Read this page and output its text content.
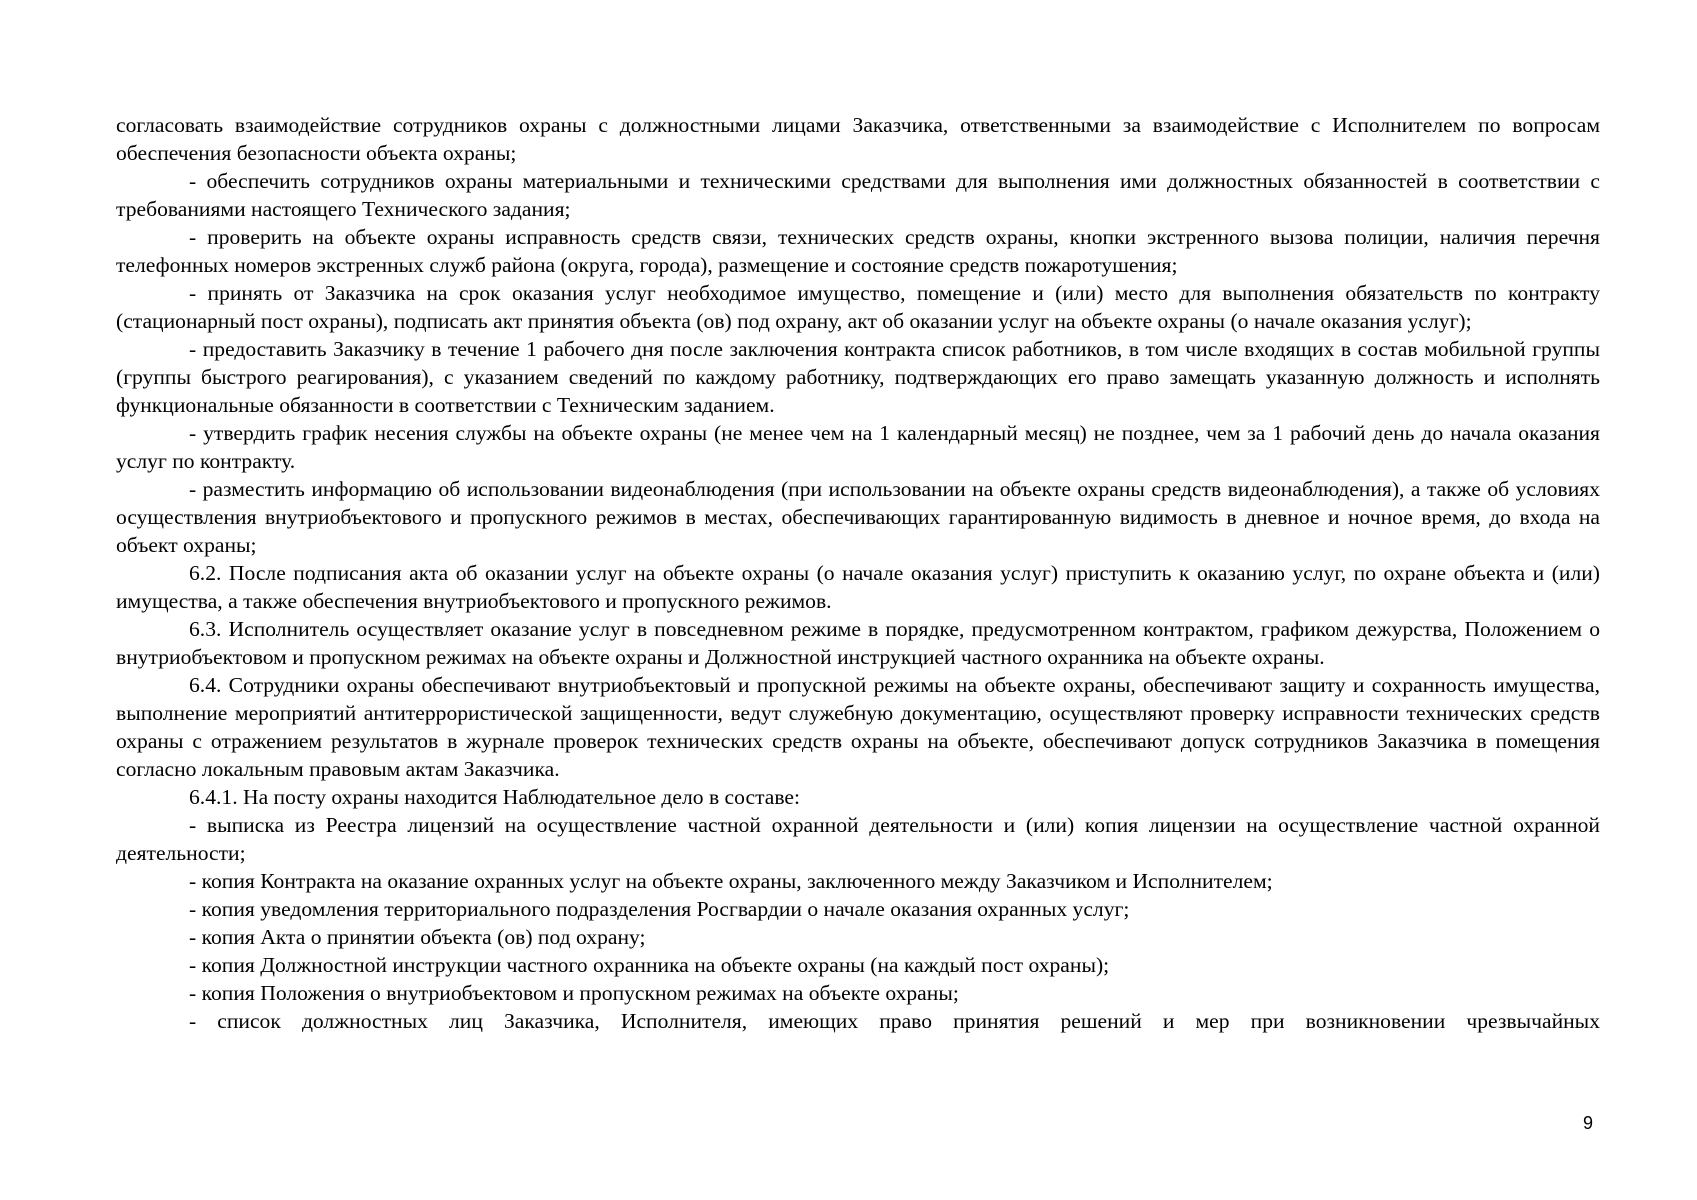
согласовать взаимодействие сотрудников охраны с должностными лицами Заказчика, ответственными за взаимодействие с Исполнителем по вопросам обеспечения безопасности объекта охраны;

- обеспечить сотрудников охраны материальными и техническими средствами для выполнения ими должностных обязанностей в соответствии с требованиями настоящего Технического задания;

- проверить на объекте охраны исправность средств связи, технических средств охраны, кнопки экстренного вызова полиции, наличия перечня телефонных номеров экстренных служб района (округа, города), размещение и состояние средств пожаротушения;

- принять от Заказчика на срок оказания услуг необходимое имущество, помещение и (или) место для выполнения обязательств по контракту (стационарный пост охраны), подписать акт принятия объекта (ов) под охрану, акт об оказании услуг на объекте охраны (о начале оказания услуг);

- предоставить Заказчику в течение 1 рабочего дня после заключения контракта список работников, в том числе входящих в состав мобильной группы (группы быстрого реагирования), с указанием сведений по каждому работнику, подтверждающих его право замещать указанную должность и исполнять функциональные обязанности в соответствии с Техническим заданием.

- утвердить график несения службы на объекте охраны (не менее чем на 1 календарный месяц) не позднее, чем за 1 рабочий день до начала оказания услуг по контракту.

- разместить информацию об использовании видеонаблюдения (при использовании на объекте охраны средств видеонаблюдения), а также об условиях осуществления внутриобъектового и пропускного режимов в местах, обеспечивающих гарантированную видимость в дневное и ночное время, до входа на объект охраны;

6.2. После подписания акта об оказании услуг на объекте охраны (о начале оказания услуг) приступить к оказанию услуг, по охране объекта и (или) имущества, а также обеспечения внутриобъектового и пропускного режимов.

6.3. Исполнитель осуществляет оказание услуг в повседневном режиме в порядке, предусмотренном контрактом, графиком дежурства, Положением о внутриобъектовом и пропускном режимах на объекте охраны и Должностной инструкцией частного охранника на объекте охраны.

6.4. Сотрудники охраны обеспечивают внутриобъектовый и пропускной режимы на объекте охраны, обеспечивают защиту и сохранность имущества, выполнение мероприятий антитеррористической защищенности, ведут служебную документацию, осуществляют проверку исправности технических средств охраны с отражением результатов в журнале проверок технических средств охраны на объекте, обеспечивают допуск сотрудников Заказчика в помещения согласно локальным правовым актам Заказчика.

6.4.1. На посту охраны находится Наблюдательное дело в составе:

- выписка из Реестра лицензий на осуществление частной охранной деятельности и (или) копия лицензии на осуществление частной охранной деятельности;

- копия Контракта на оказание охранных услуг на объекте охраны, заключенного между Заказчиком и Исполнителем;

- копия уведомления территориального подразделения Росгвардии о начале оказания охранных услуг;

- копия Акта о принятии объекта (ов) под охрану;

- копия Должностной инструкции частного охранника на объекте охраны (на каждый пост охраны);

- копия Положения о внутриобъектовом и пропускном режимах на объекте охраны;

- список должностных лиц Заказчика, Исполнителя, имеющих право принятия решений и мер при возникновении чрезвычайных

9
